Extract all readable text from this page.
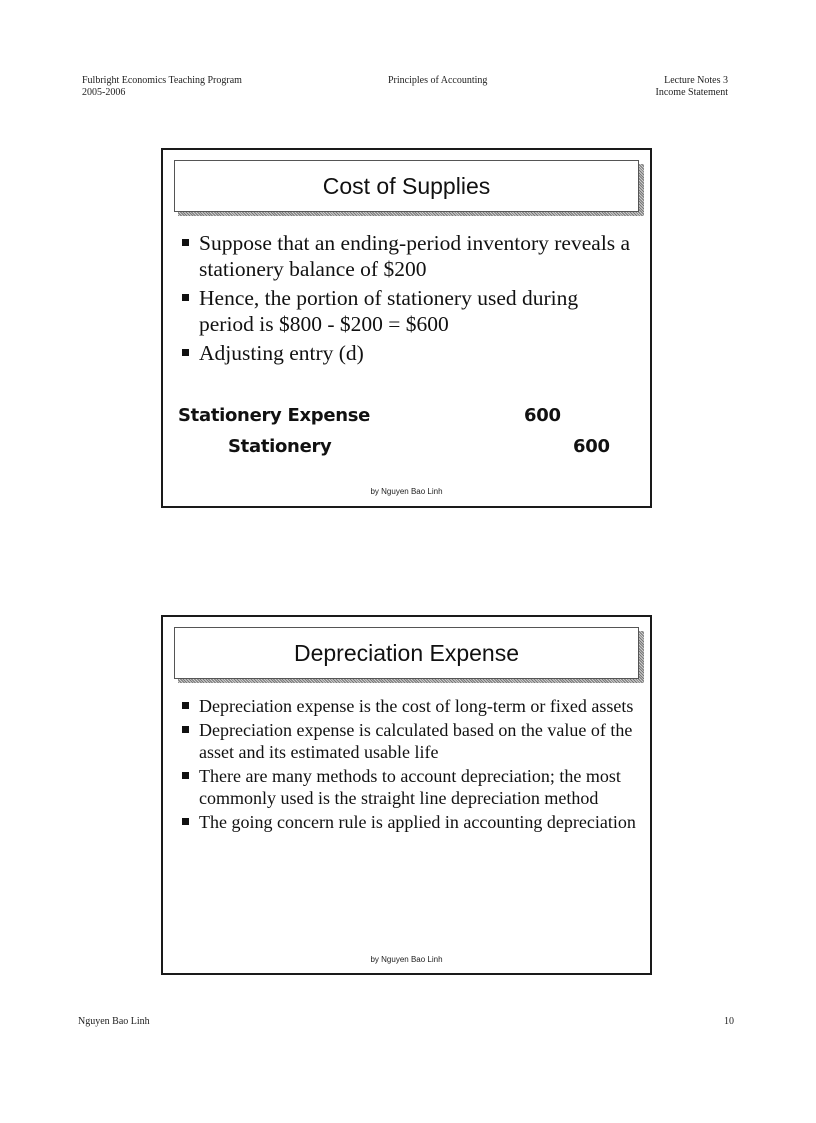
Fulbright Economics Teaching Program
2005-2006
Principles of Accounting	Lecture Notes 3
Income Statement
Cost of Supplies
Suppose that an ending-period inventory reveals a stationery balance of $200
Hence, the portion of stationery used during period is $800 - $200 = $600
Adjusting entry (d)
Stationery Expense	600
Stationery	600
by Nguyen Bao Linh
Depreciation Expense
Depreciation expense is the cost of long-term or fixed assets
Depreciation expense is calculated based on the value of the asset and its estimated usable life
There are many methods to account depreciation; the most commonly used is the straight line depreciation method
The going concern rule is applied in accounting depreciation
by Nguyen Bao Linh
Nguyen Bao Linh	10
